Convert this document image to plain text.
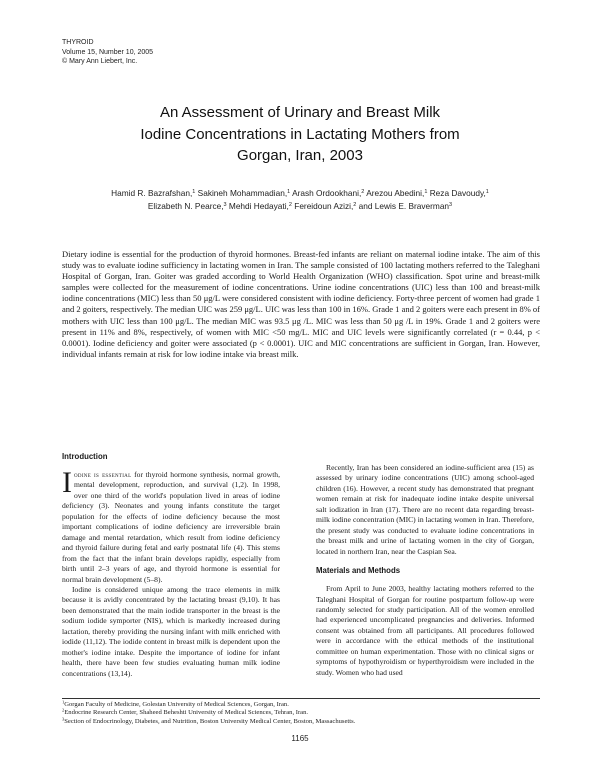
THYROID
Volume 15, Number 10, 2005
© Mary Ann Liebert, Inc.
An Assessment of Urinary and Breast Milk
Iodine Concentrations in Lactating Mothers from
Gorgan, Iran, 2003
Hamid R. Bazrafshan,$^1$ Sakineh Mohammadian,$^1$ Arash Ordookhani,$^2$ Arezou Abedini,$^1$ Reza Davoudy,$^1$
Elizabeth N. Pearce,$^3$ Mehdi Hedayati,$^2$ Fereidoun Azizi,$^2$ and Lewis E. Braverman$^3$

Dietary iodine is essential for the production of thyroid hormones. Breast-fed infants are reliant on maternal iodine intake. The aim of this study was to evaluate iodine sufficiency in lactating women in Iran. The sample consisted of 100 lactating mothers referred to the Taleghani Hospital of Gorgan, Iran. Goiter was graded according to World Health Organization (WHO) classification. Spot urine and breast-milk samples were collected for the measurement of iodine concentrations. Urine iodine concentrations (UIC) less than 100 and breast-milk iodine concentrations (MIC) less than 50 μg/L were considered consistent with iodine deficiency. Forty-three percent of women had grade 1 and 2 goiters, respectively. The median UIC was 259 μg/L. UIC was less than 100 in 16%. Grade 1 and 2 goiters were each present in 8% of mothers with UIC less than 100 μg/L. The median MIC was 93.5 μg /L. MIC was less than 50 μg /L in 19%. Grade 1 and 2 goiters were present in 11% and 8%, respectively, of women with MIC <50 mg/L. MIC and UIC levels were significantly correlated (r = 0.44, p < 0.0001). Iodine deficiency and goiter were associated (p < 0.0001). UIC and MIC concentrations are sufficient in Gorgan, Iran. However, individual infants remain at risk for low iodine intake via breast milk.

Introduction

Iodine is essential for thyroid hormone synthesis, normal growth, mental development, reproduction, and survival (1,2). In 1998, over one third of the world's population lived in areas of iodine deficiency (3). Neonates and young infants constitute the target population for the effects of iodine deficiency because the most important complications of iodine deficiency are irreversible brain damage and mental retardation, which result from iodine deficiency and thyroid failure during fetal and early postnatal life (4). This stems from the fact that the infant brain develops rapidly, especially from birth until 2–3 years of age, and thyroid hormone is essential for normal brain development (5–8).

Iodine is considered unique among the trace elements in milk because it is avidly concentrated by the lactating breast (9,10). It has been demonstrated that the main iodide transporter in the breast is the sodium iodide symporter (NIS), which is markedly increased during lactation, thereby providing the nursing infant with milk enriched with iodide (11,12). The iodide content in breast milk is dependent upon the mother's iodine intake. Despite the importance of iodine for infant health, there have been few studies evaluating human milk iodine concentrations (13,14).

Recently, Iran has been considered an iodine-sufficient area (15) as assessed by urinary iodine concentrations (UIC) among school-aged children (16). However, a recent study has demonstrated that pregnant women remain at risk for inadequate iodine intake despite universal salt iodization in Iran (17). There are no recent data regarding breast-milk iodine concentration (MIC) in lactating women in Iran. Therefore, the present study was conducted to evaluate iodine concentrations in the breast milk and urine of lactating women in the city of Gorgan, located in northern Iran, near the Caspian Sea.

Materials and Methods

From April to June 2003, healthy lactating mothers referred to the Taleghani Hospital of Gorgan for routine postpartum follow-up were randomly selected for study participation. All of the women enrolled had experienced uncomplicated pregnancies and deliveries. Informed consent was obtained from all participants. All procedures followed were in accordance with the ethical methods of the institutional committee on human experimentation. Those with no clinical signs or symptoms of hypothyroidism or hyperthyroidism were included in the study. Women who had used

$^1$Gorgan Faculty of Medicine, Golestan University of Medical Sciences, Gorgan, Iran.
$^2$Endocrine Research Center, Shaheed Beheshti University of Medical Sciences, Tehran, Iran.
$^3$Section of Endocrinology, Diabetes, and Nutrition, Boston University Medical Center, Boston, Massachusetts.
1165
